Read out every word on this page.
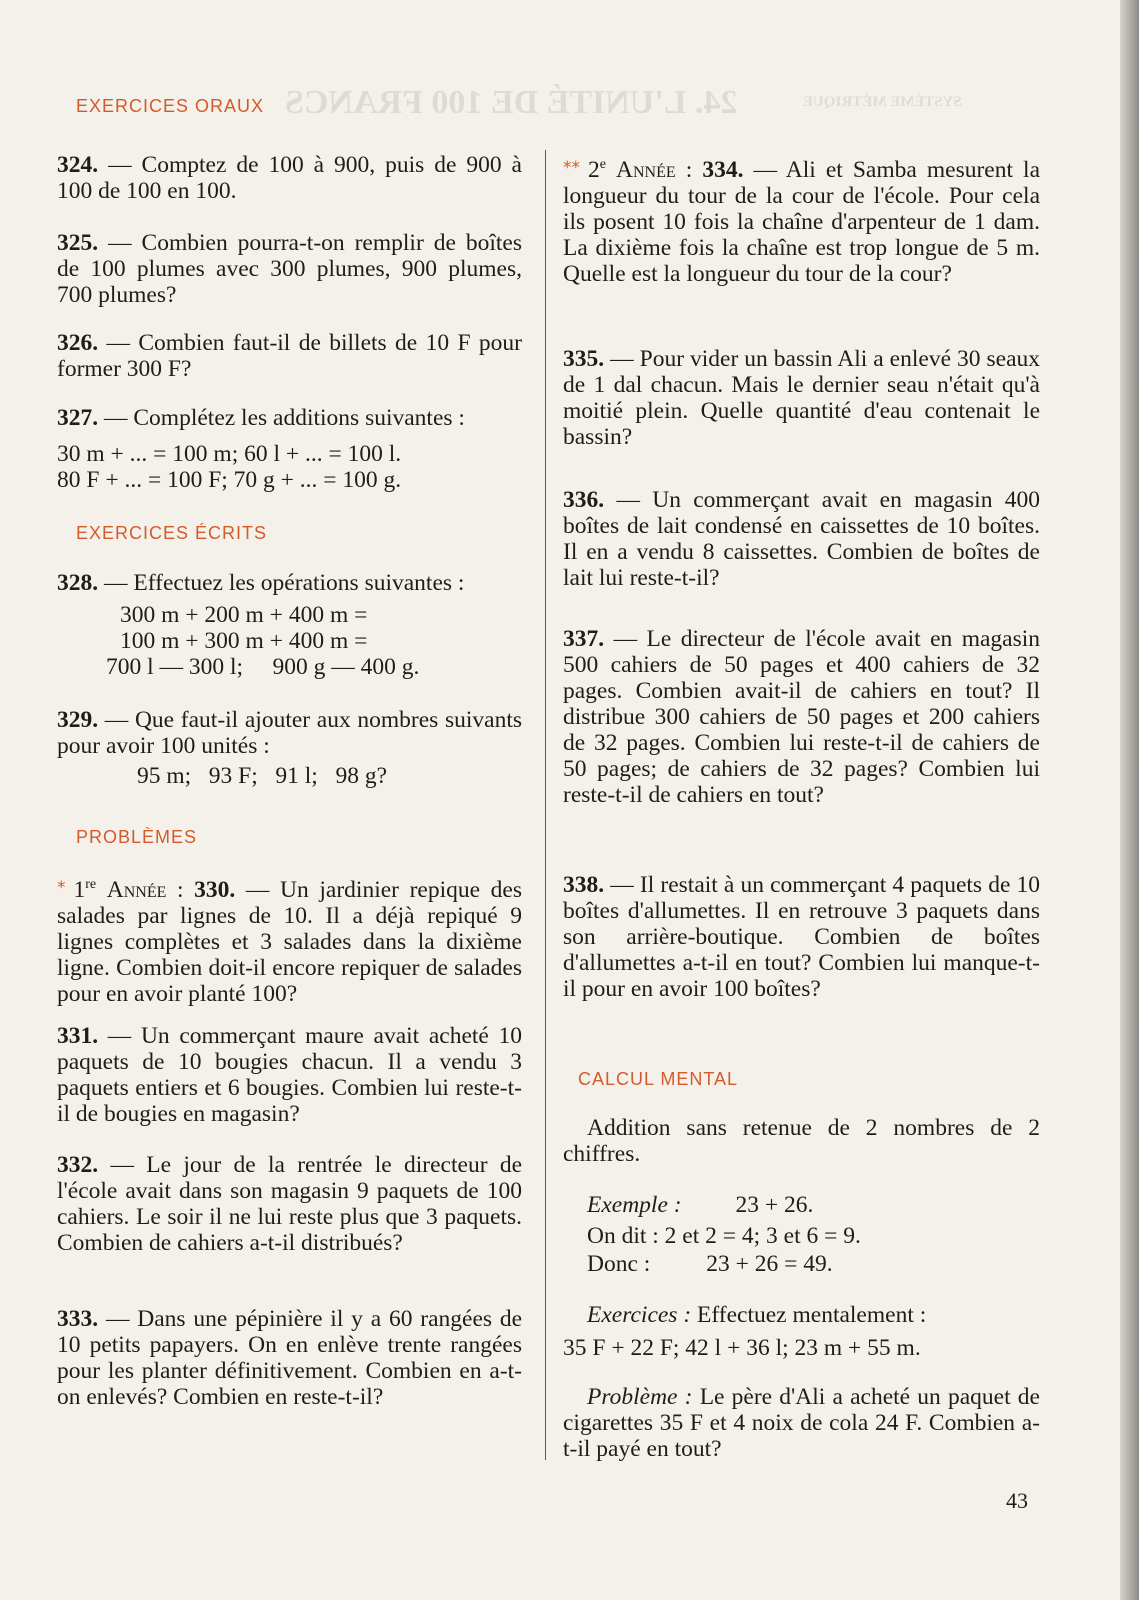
24. L'UNITÉ DE 100 FRANCS	SYSTÈME MÉTRIQUE
EXERCICES ORAUX
324. — Comptez de 100 à 900, puis de 900 à 100 de 100 en 100.
325. — Combien pourra-t-on remplir de boîtes de 100 plumes avec 300 plumes, 900 plumes, 700 plumes?
326. — Combien faut-il de billets de 10 F pour former 300 F?
327. — Complétez les additions suivantes :
30 m + ... = 100 m; 60 l + ... = 100 l.
80 F + ... = 100 F; 70 g + ... = 100 g.
EXERCICES ÉCRITS
328. — Effectuez les opérations suivantes :
300 m + 200 m + 400 m =
100 m + 300 m + 400 m =
700 l — 300 l;     900 g — 400 g.
329. — Que faut-il ajouter aux nombres suivants pour avoir 100 unités :
95 m;   93 F;   91 l;   98 g?
PROBLÈMES
* 1re Année : 330. — Un jardinier repique des salades par lignes de 10. Il a déjà repiqué 9 lignes complètes et 3 salades dans la dixième ligne. Combien doit-il encore repiquer de salades pour en avoir planté 100?
331. — Un commerçant maure avait acheté 10 paquets de 10 bougies chacun. Il a vendu 3 paquets entiers et 6 bougies. Combien lui reste-t-il de bougies en magasin?
332. — Le jour de la rentrée le directeur de l'école avait dans son magasin 9 paquets de 100 cahiers. Le soir il ne lui reste plus que 3 paquets. Combien de cahiers a-t-il distribués?
333. — Dans une pépinière il y a 60 rangées de 10 petits papayers. On en enlève trente rangées pour les planter définitivement. Combien en a-t-on enlevés? Combien en reste-t-il?
** 2e Année : 334. — Ali et Samba mesurent la longueur du tour de la cour de l'école. Pour cela ils posent 10 fois la chaîne d'arpenteur de 1 dam. La dixième fois la chaîne est trop longue de 5 m. Quelle est la longueur du tour de la cour?
335. — Pour vider un bassin Ali a enlevé 30 seaux de 1 dal chacun. Mais le dernier seau n'était qu'à moitié plein. Quelle quantité d'eau contenait le bassin?
336. — Un commerçant avait en magasin 400 boîtes de lait condensé en caissettes de 10 boîtes. Il en a vendu 8 caissettes. Combien de boîtes de lait lui reste-t-il?
337. — Le directeur de l'école avait en magasin 500 cahiers de 50 pages et 400 cahiers de 32 pages. Combien avait-il de cahiers en tout? Il distribue 300 cahiers de 50 pages et 200 cahiers de 32 pages. Combien lui reste-t-il de cahiers de 50 pages; de cahiers de 32 pages? Combien lui reste-t-il de cahiers en tout?
338. — Il restait à un commerçant 4 paquets de 10 boîtes d'allumettes. Il en retrouve 3 paquets dans son arrière-boutique. Combien de boîtes d'allumettes a-t-il en tout? Combien lui manque-t-il pour en avoir 100 boîtes?
CALCUL MENTAL
Addition sans retenue de 2 nombres de 2 chiffres.
Exemple : 23 + 26.
On dit : 2 et 2 = 4; 3 et 6 = 9.
Donc : 23 + 26 = 49.
Exercices : Effectuez mentalement :
35 F + 22 F; 42 l + 36 l; 23 m + 55 m.
Problème : Le père d'Ali a acheté un paquet de cigarettes 35 F et 4 noix de cola 24 F. Combien a-t-il payé en tout?
43
